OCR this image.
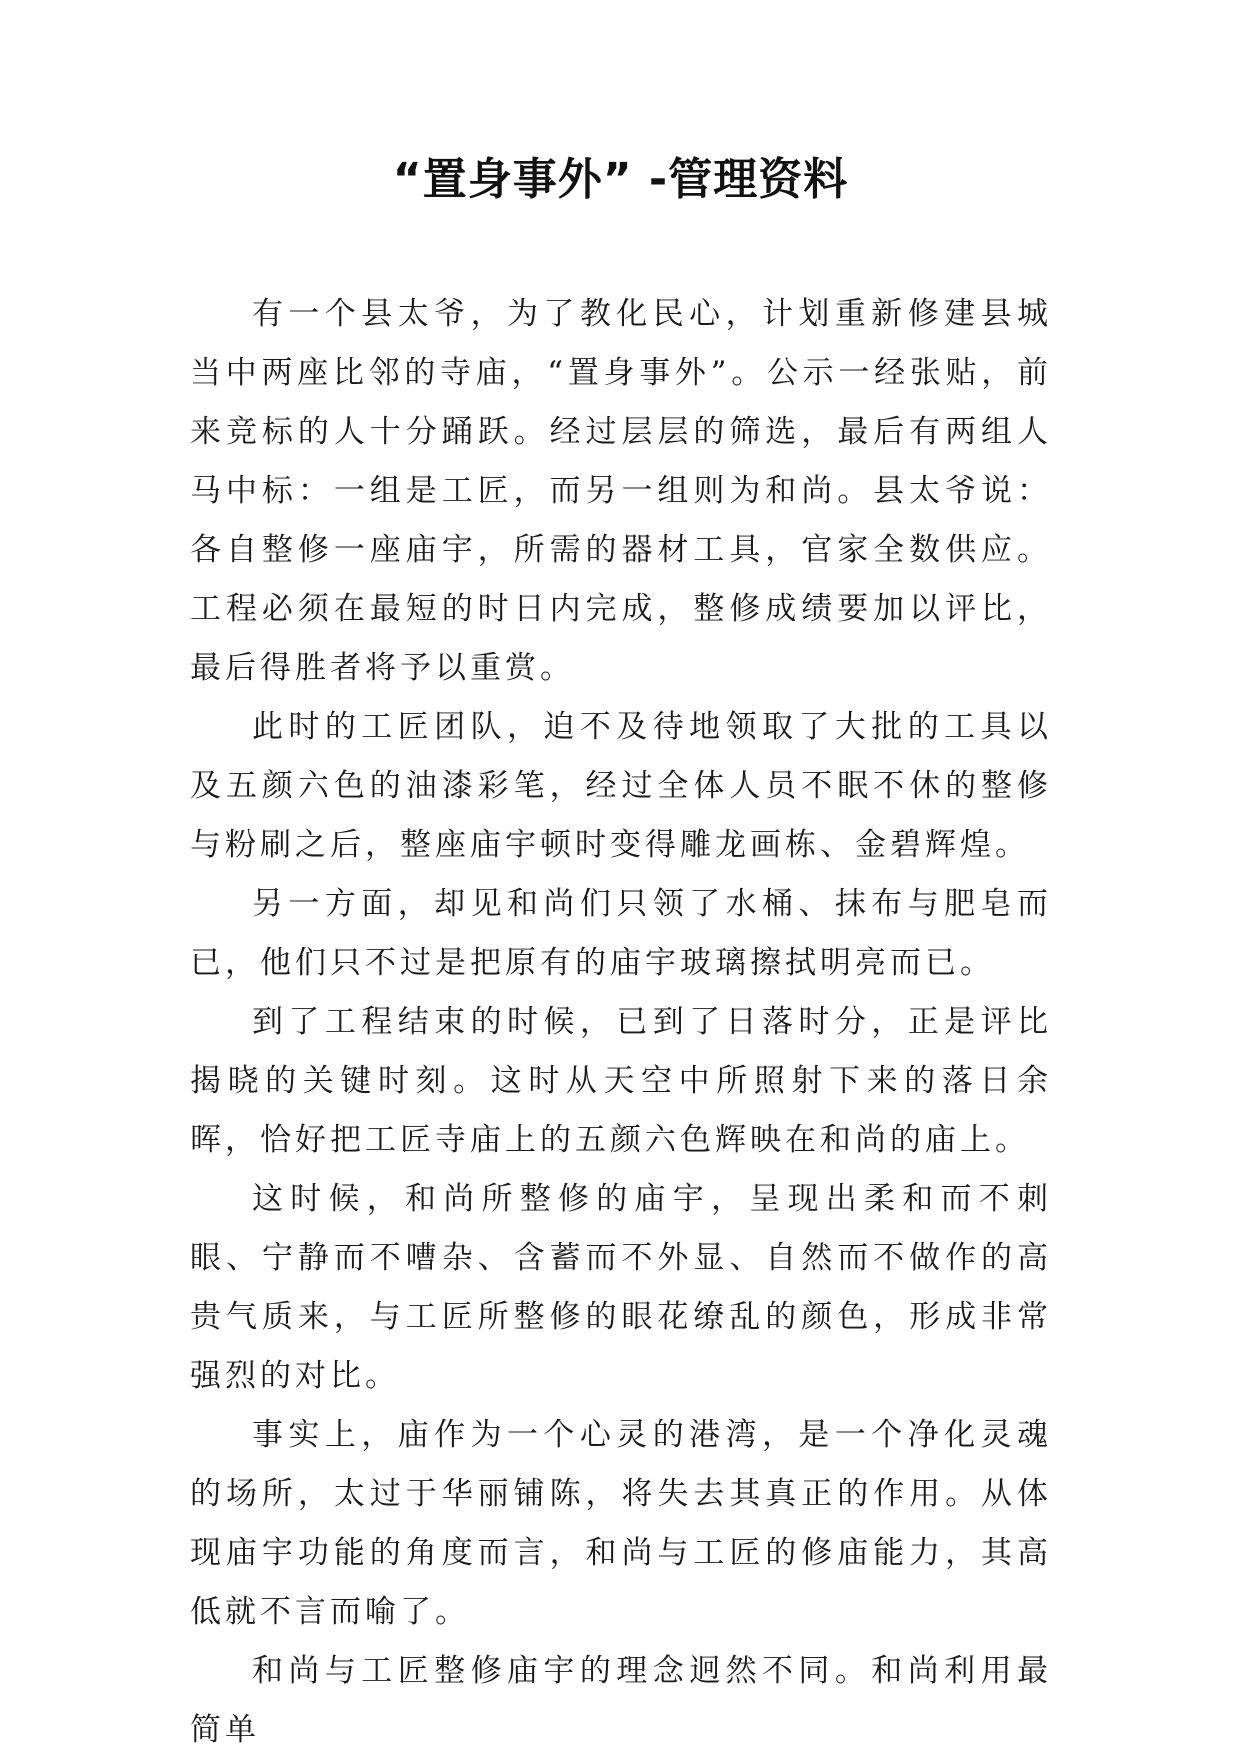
“置身事外” -管理资料

有一个县太爷，为了教化民心，计划重新修建县城当中两座比邻的寺庙，“置身事外”。公示一经张贴，前来竞标的人十分踊跃。经过层层的筛选，最后有两组人马中标：一组是工匠，而另一组则为和尚。县太爷说：各自整修一座庙宇，所需的器材工具，官家全数供应。工程必须在最短的时日内完成，整修成绩要加以评比，最后得胜者将予以重赏。

此时的工匠团队，迫不及待地领取了大批的工具以及五颜六色的油漆彩笔，经过全体人员不眠不休的整修与粉刷之后，整座庙宇顿时变得雕龙画栋、金碧辉煌。

另一方面，却见和尚们只领了水桶、抹布与肥皂而已，他们只不过是把原有的庙宇玻璃擦拭明亮而已。

到了工程结束的时候，已到了日落时分，正是评比揭晓的关键时刻。这时从天空中所照射下来的落日余晖，恰好把工匠寺庙上的五颜六色辉映在和尚的庙上。

这时候，和尚所整修的庙宇，呈现出柔和而不刺眼、宁静而不嘈杂、含蓄而不外显、自然而不做作的高贵气质来，与工匠所整修的眼花缭乱的颜色，形成非常强烈的对比。

事实上，庙作为一个心灵的港湾，是一个净化灵魂的场所，太过于华丽铺陈，将失去其真正的作用。从体现庙宇功能的角度而言，和尚与工匠的修庙能力，其高低就不言而喻了。

和尚与工匠整修庙宇的理念迥然不同。和尚利用最简单
